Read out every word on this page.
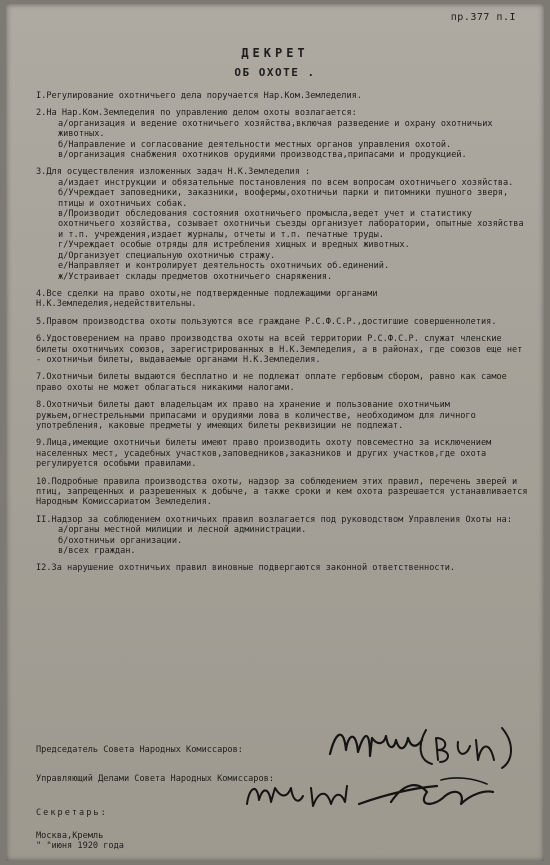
пр.377 п.I
ДЕКРЕТ
ОБ ОХОТЕ .
I.Регулирование охотничьего дела поручается Нар.Ком.Земледелия.
2.На Нар.Ком.Земледелия по управлению делом охоты возлагается:
а/организация и ведение охотничьего хозяйства,включая разведение и охрану охотничьих животных.
б/Направление и согласование деятельности местных органов управления охотой.
в/организация снабжения охотников орудиями производства,припасами и продукцией.
3.Для осуществления изложенных задач Н.К.Земледелия :
а/издает инструкции и обязательные постановления по всем вопросам охотничьего хозяйства.
б/Учреждает заповедники, заказники, воофермы,охотничьи парки и питомники пушного зверя, птицы и охотничьих собак.
в/Производит обследования состояния охотничьего промысла,ведет учет и статистику охотничьего хозяйства, созывает охотничьи съезды организует лаборатории, опытные хозяйства и т.п. учреждения,издает журналы, отчеты и т.п. печатные труды.
г/Учреждает особые отряды для истребления хищных и вредных животных.
д/Организует специальную охотничью стражу.
е/Направляет и контролирует деятельность охотничьих об.единений.
ж/Устраивает склады предметов охотничьего снаряжения.
4.Все сделки на право охоты,не подтвержденные подлежащими органами Н.К.Земледелия,недействительны.
5.Правом производства охоты пользуются все граждане Р.С.Ф.С.Р.,достигшие совершеннолетия.
6.Удостоверением на право производства охоты на всей территории Р.С.Ф.С.Р. служат членские билеты охотничьих союзов, зарегистрированных в Н.К.Земледелия, а в районах, где союзов еще нет - охотничьи билеты, выдаваемые органами Н.К.Земледелия.
7.Охотничьи билеты выдаются бесплатно и не подлежат оплате гербовым сбором, равно как самое право охоты не может облагаться никакими налогами.
8.Охотничьи билеты дают владельцам их право на хранение и пользование охотничьим ружьем,огнестрельными припасами и орудиями лова в количестве, необходимом для личного употребления, каковые предметы у имеющих билеты реквизиции не подлежат.
9.Лица,имеющие охотничьи билеты имеют право производить охоту повсеместно за исключением населенных мест, усадебных участков,заповедников,заказников и других участков,где охота регулируется особыми правилами.
10.Подробные правила производства охоты, надзор за соблюдением этих правил, перечень зверей и птиц, запрещенных и разрешенных к добыче, а также сроки и кем охота разрешается устанавливается Народным Комиссариатом Земледелия.
II.Надзор за соблюдением охотничьих правил возлагается под руководством Управления Охоты на:
а/органы местной милиции и лесной администрации.
б/охотничьи организации.
в/всех граждан.
I2.За нарушение охотничьих правил виновные подвергаются законной ответственности.
Председатель Совета Народных Комиссаров:
Управляющий Делами Совета Народных Комиссаров:
Секретарь:
Москва,Кремль
" "июня 1920 года
